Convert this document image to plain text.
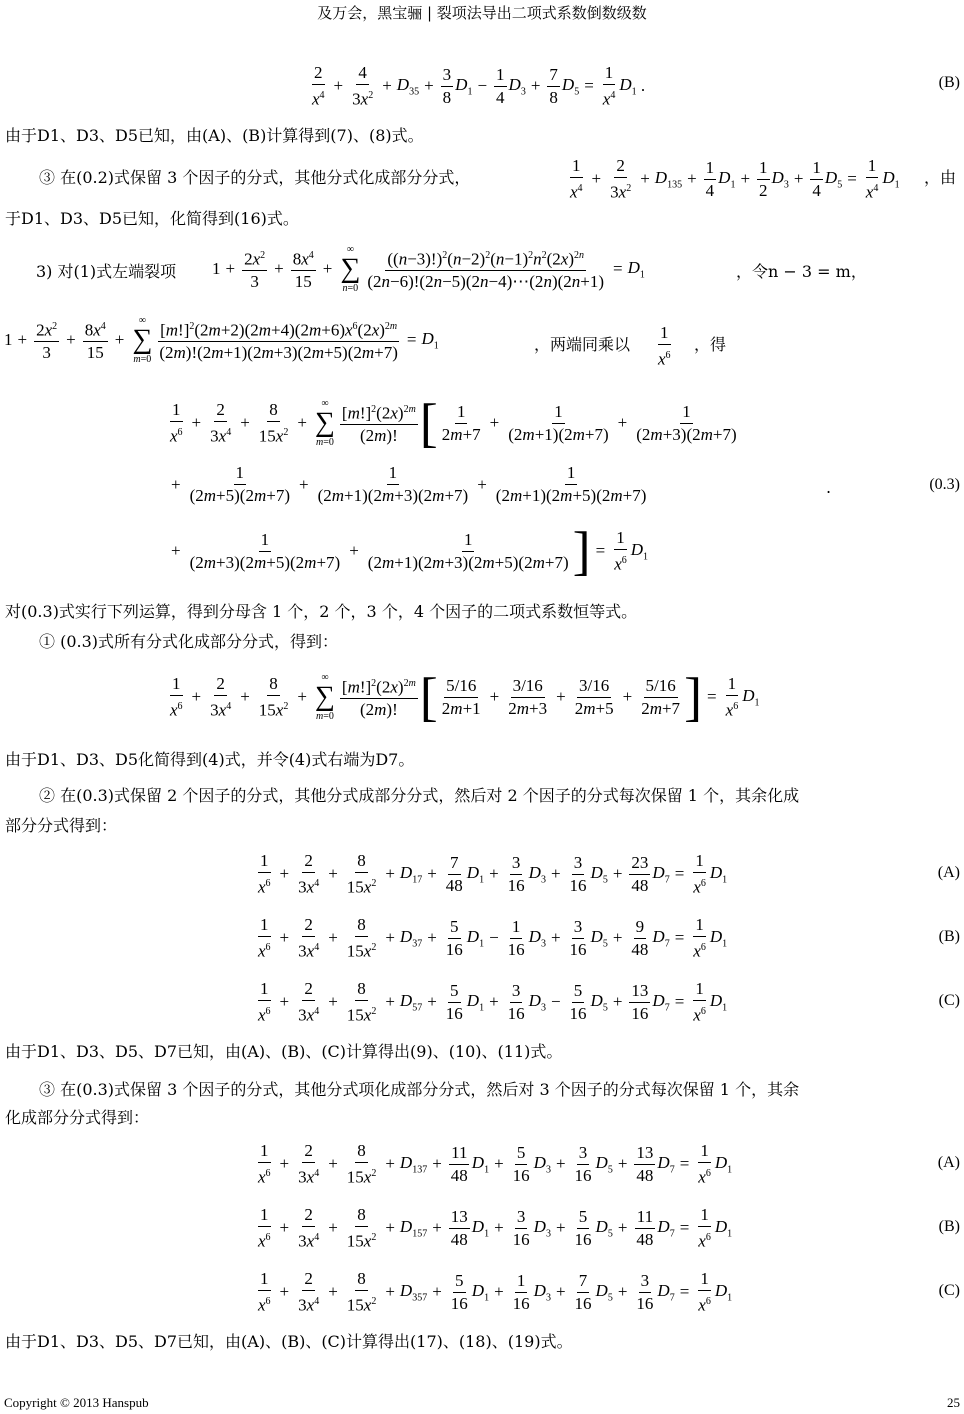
及万会，黑宝骊 | 裂项法导出二项式系数倒数级数
2
$x^4$
+ $\frac{4}{3x^2} + D_{35} + \frac{3}{8} D_1 - \frac{1}{4} D_3 + \frac{7}{8} D_5 = \frac{1}{x^4} D_1$ .	(B)
由于D1、D3、D5已知，由(A)、(B)计算得到(7)、(8)式。
③ 在(0.2)式保留 3 个因子的分式，其他分式化成部分分式，
1
$x^4$
+ $\frac{2}{3x^2} + D_{135} + \frac{1}{4} D_1 + \frac{1}{2} D_3 + \frac{1}{4} D_5 = \frac{1}{x^4} D_1$ ，由
于D1、D3、D5已知，化简得到(16)式。
3) 对(1)式左端裂项	$1 + \frac{2x^2}{3} + \frac{8x^4}{15}$ +
∞
∑
$n=0 \frac{((n-3)!)^2(n-2)^2(n-1)^2n^2(2x)^{2n}}{(2n-6)!(2n-5)(2n-4)\cdots(2n)(2n+1)} = D_1$	，令n − 3 = m，
$1 + \frac{2x^2}{3} + \frac{8x^4}{15}$ +
∞
∑
$m=0 \frac{[m!]^2(2m+2)(2m+4)(2m+6)x^6(2x)^{2m}}{(2m)!(2m+1)(2m+3)(2m+5)(2m+7)} = D_1$	，两端同乘以
1
$x^6$
，得
1
$x^6$
+ $\frac{2}{3x^4} + \frac{8}{15x^2}$ +
∞
∑
m=0
$[m!]^2(2x)^{2m}$
(2m)! [ 1
2m+7
+ $\frac{1}{(2m+1)(2m+7)} + \frac{1}{(2m+3)(2m+7)}$
+ $\frac{1}{(2m+5)(2m+7)} + \frac{1}{(2m+1)(2m+3)(2m+7)} + \frac{1}{(2m+1)(2m+5)(2m+7)}$	.	(0.3)
+ $\frac{1}{(2m+3)(2m+5)(2m+7)} + \frac{1}{(2m+1)(2m+3)(2m+5)(2m+7)}$ ] = $\frac{1}{x^6} D_1$
对(0.3)式实行下列运算，得到分母含 1 个，2 个，3 个，4 个因子的二项式系数恒等式。
① (0.3)式所有分式化成部分分式，得到：
1
$x^6$
+ $\frac{2}{3x^4} + \frac{8}{15x^2}$ +
∞
∑
m=0
$[m!]^2(2x)^{2m}$
(2m)! [ 5/16
2m+1
+ $\frac{3/16}{2m+3} + \frac{3/16}{2m+5} + \frac{5/16}{2m+7}$ ] = $\frac{1}{x^6} D_1$
由于D1、D3、D5化简得到(4)式，并令(4)式右端为D7。
② 在(0.3)式保留 2 个因子的分式，其他分式成部分分式，然后对 2 个因子的分式每次保留 1 个，其余化成
部分分式得到：
1
$x^6$
+ $\frac{2}{3x^4} + \frac{8}{15x^2} + D_{17} + \frac{7}{48} D_1 + \frac{3}{16} D_3 + \frac{3}{16} D_5 + \frac{23}{48} D_7 = \frac{1}{x^6} D_1$	(A)
1
$x^6$
+ $\frac{2}{3x^4} + \frac{8}{15x^2} + D_{37} + \frac{5}{16} D_1 - \frac{1}{16} D_3 + \frac{3}{16} D_5 + \frac{9}{48} D_7 = \frac{1}{x^6} D_1$	(B)
1
$x^6$
+ $\frac{2}{3x^4} + \frac{8}{15x^2} + D_{57} + \frac{5}{16} D_1 + \frac{3}{16} D_3 - \frac{5}{16} D_5 + \frac{13}{16} D_7 = \frac{1}{x^6} D_1$	(C)
由于D1、D3、D5、D7已知，由(A)、(B)、(C)计算得出(9)、(10)、(11)式。
③ 在(0.3)式保留 3 个因子的分式，其他分式项化成部分分式，然后对 3 个因子的分式每次保留 1 个，其余
化成部分分式得到：
1
$x^6$
+ $\frac{2}{3x^4} + \frac{8}{15x^2} + D_{137} + \frac{11}{48} D_1 + \frac{5}{16} D_3 + \frac{3}{16} D_5 + \frac{13}{48} D_7 = \frac{1}{x^6} D_1$	(A)
1
$x^6$
+ $\frac{2}{3x^4} + \frac{8}{15x^2} + D_{157} + \frac{13}{48} D_1 + \frac{3}{16} D_3 + \frac{5}{16} D_5 + \frac{11}{48} D_7 = \frac{1}{x^6} D_1$	(B)
1
$x^6$
+ $\frac{2}{3x^4} + \frac{8}{15x^2} + D_{357} + \frac{5}{16} D_1 + \frac{1}{16} D_3 + \frac{7}{16} D_5 + \frac{3}{16} D_7 = \frac{1}{x^6} D_1$	(C)
由于D1、D3、D5、D7已知，由(A)、(B)、(C)计算得出(17)、(18)、(19)式。
Copyright © 2013 Hanspub	25
